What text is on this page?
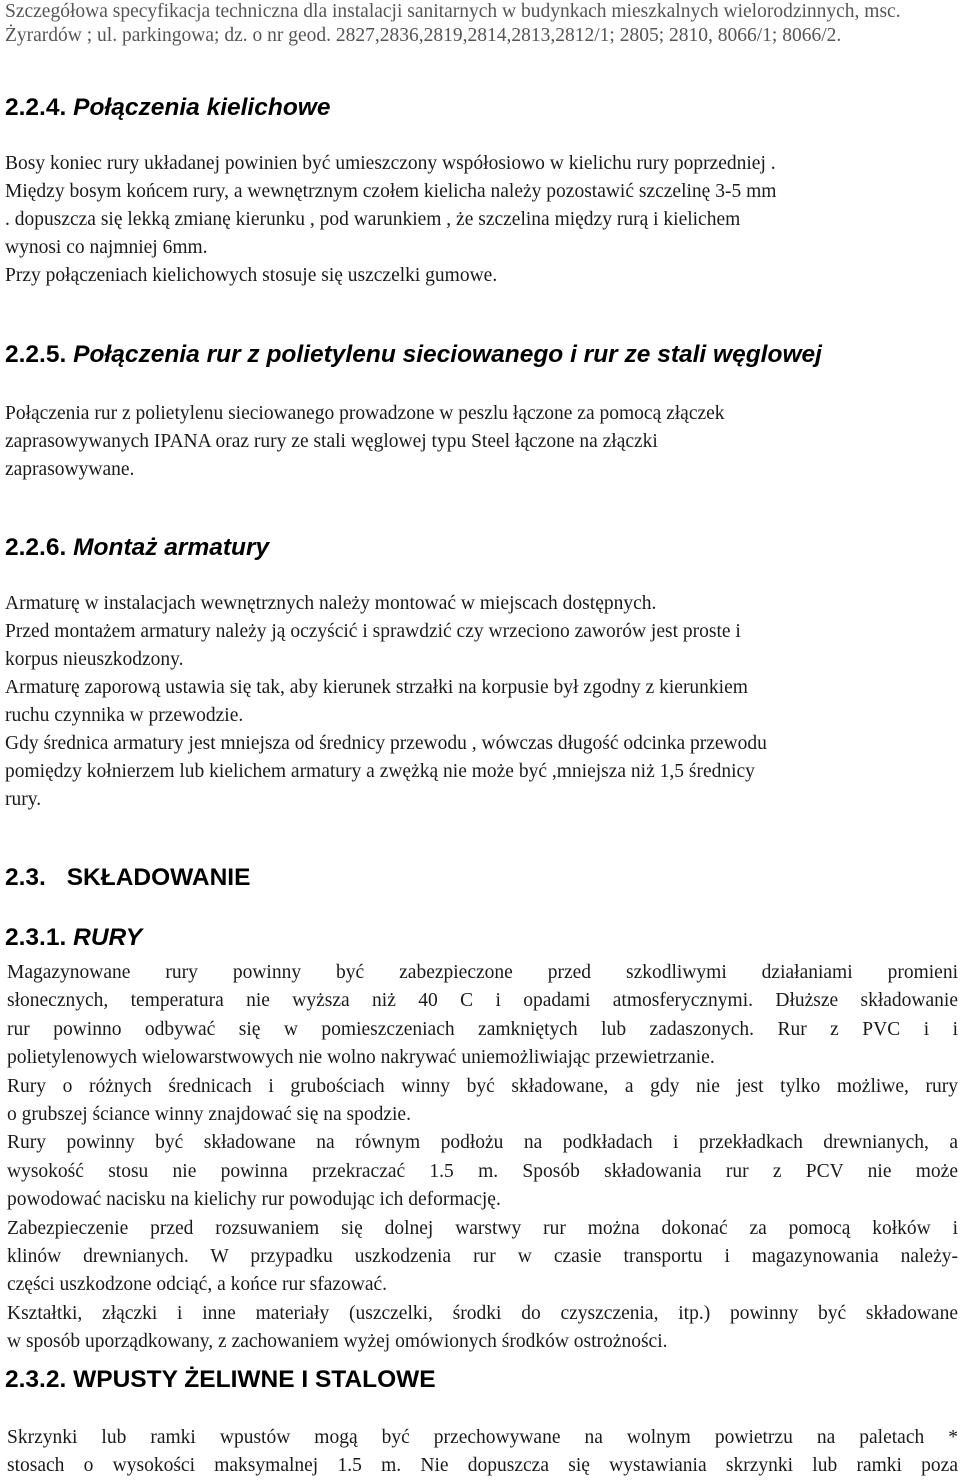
Szczegółowa specyfikacja techniczna dla instalacji sanitarnych w budynkach mieszkalnych wielorodzinnych, msc.
Żyrardów ; ul. parkingowa; dz. o nr geod. 2827,2836,2819,2814,2813,2812/1; 2805; 2810, 8066/1; 8066/2.
2.2.4. Połączenia kielichowe
Bosy koniec rury układanej powinien być umieszczony współosiowo w kielichu rury poprzedniej .
Między bosym końcem rury, a wewnętrznym czołem kielicha należy pozostawić szczelinę 3-5 mm
. dopuszcza się lekką zmianę kierunku , pod warunkiem , że szczelina między rurą i kielichem
wynosi co najmniej 6mm.
Przy połączeniach kielichowych stosuje się uszczelki gumowe.
2.2.5. Połączenia rur z polietylenu sieciowanego i rur ze stali węglowej
Połączenia rur z polietylenu sieciowanego prowadzone w peszlu łączone za pomocą złączek
zaprasowywanych IPANA oraz rury ze stali węglowej typu Steel łączone na złączki
zaprasowywane.
2.2.6. Montaż armatury
Armaturę w instalacjach wewnętrznych należy montować w miejscach dostępnych.
Przed montażem armatury należy ją oczyścić i sprawdzić czy wrzeciono zaworów jest proste i
korpus nieuszkodzony.
Armaturę zaporową ustawia się tak, aby kierunek strzałki na korpusie był zgodny z kierunkiem
ruchu czynnika w przewodzie.
Gdy średnica armatury jest mniejsza od średnicy przewodu , wówczas długość odcinka przewodu
pomiędzy kołnierzem lub kielichem armatury a zwężką nie może być ,mniejsza niż 1,5 średnicy
rury.
2.3. SKŁADOWANIE
2.3.1. RURY
Magazynowane rury powinny być zabezpieczone przed szkodliwymi działaniami promieni
słonecznych, temperatura nie wyższa niż 40 C i opadami atmosferycznymi. Dłuższe składowanie
rur powinno odbywać się w pomieszczeniach zamkniętych lub zadaszonych. Rur z PVC i i
polietylenowych wielowarstwowych nie wolno nakrywać uniemożliwiając przewietrzanie.
Rury o różnych średnicach i grubościach winny być składowane, a gdy nie jest tylko możliwe, rury
o grubszej ściance winny znajdować się na spodzie.
Rury powinny być składowane na równym podłożu na podkładach i przekładkach drewnianych, a
wysokość stosu nie powinna przekraczać 1.5 m. Sposób składowania rur z PCV nie może
powodować nacisku na kielichy rur powodując ich deformację.
Zabezpieczenie przed rozsuwaniem się dolnej warstwy rur można dokonać za pomocą kołków i
klinów drewnianych. W przypadku uszkodzenia rur w czasie transportu i magazynowania należy-
części uszkodzone odciąć, a końce rur sfazować.
Kształtki, złączki i inne materiały (uszczelki, środki do czyszczenia, itp.) powinny być składowane
w sposób uporządkowany, z zachowaniem wyżej omówionych środków ostrożności.
2.3.2. WPUSTY ŻELIWNE I STALOWE
Skrzynki lub ramki wpustów mogą być przechowywane na wolnym powietrzu na paletach *
stosach o wysokości maksymalnej 1.5 m. Nie dopuszcza się wystawiania skrzynki lub ramki poza
